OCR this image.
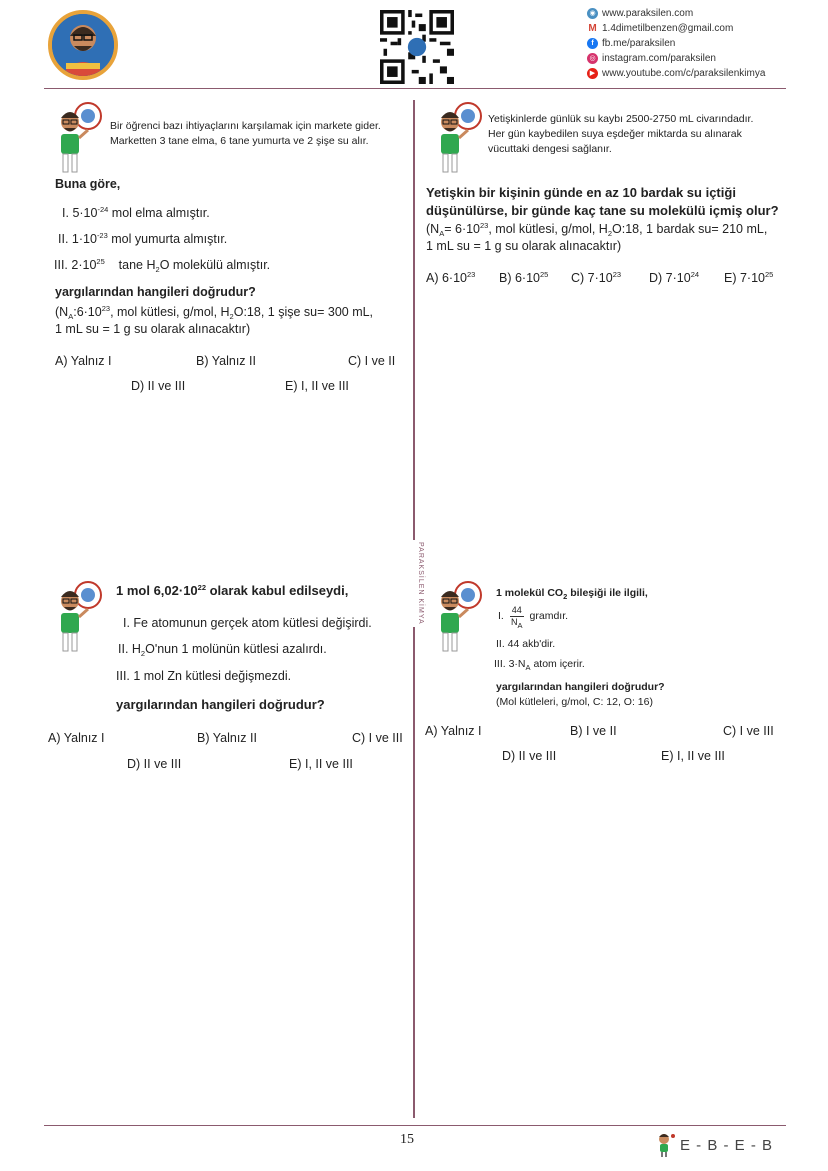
◉ www.paraksilen.com
M 1.4dimetilbenzen@gmail.com
f fb.me/paraksilen
◎ instagram.com/paraksilen
▶ www.youtube.com/c/paraksilenkimya
PARAKSİLEN KİMYA
Bir öğrenci bazı ihtiyaçlarını karşılamak için markete gider.
Marketten 3 tane elma, 6 tane yumurta ve 2 şişe su alır.
Buna göre,
I. $5\cdot 10^{-24}$ mol elma almıştır.
II. $1\cdot 10^{-23}$ mol yumurta almıştır.
III. $2\cdot 10^{25}$ tane $H_2O$ molekülü almıştır.
yargılarından hangileri doğrudur?
($N_A:6\cdot 10^{23}$, mol kütlesi, g/mol, $H_2O:18$, 1 şişe su= 300 mL,
1 mL su = 1 g su olarak alınacaktır)
A) Yalnız I	B) Yalnız II	C) I ve II
D) II ve III	E) I, II ve III
Yetişkinlerde günlük su kaybı 2500-2750 mL civarındadır.
Her gün kaybedilen suya eşdeğer miktarda su alınarak
vücuttaki dengesi sağlanır.
Yetişkin bir kişinin günde en az 10 bardak su içtiği
düşünülürse, bir günde kaç tane su molekülü içmiş olur?
($N_A= 6\cdot 10^{23}$, mol kütlesi, g/mol, $H_2O:18$, 1 bardak su= 210 mL,
1 mL su = 1 g su olarak alınacaktır)
A) $6\cdot 10^{23}$ B) $6\cdot 10^{25}$ C) $7\cdot 10^{23}$ D) $7\cdot 10^{24}$ E) $7\cdot 10^{25}$
1 mol $6,02\cdot 10^{22}$ olarak kabul edilseydi,
I. Fe atomunun gerçek atom kütlesi değişirdi.
II. $H_2O'nun$ 1 molünün kütlesi azalırdı.
III. 1 mol Zn kütlesi değişmezdi.
yargılarından hangileri doğrudur?
A) Yalnız I	B) Yalnız II	C) I ve III
D) II ve III	E) I, II ve III
1 molekül $CO_2$ bileşiği ile ilgili,
I.
$\frac{44}{N_A}$
gramdır.
II. 44 akb'dir.
III. $3\cdot N_A$ atom içerir.
yargılarından hangileri doğrudur?
(Mol kütleleri, g/mol, C: 12, O: 16)
A) Yalnız I	B) I ve II	C) I ve III
D) II ve III	E) I, II ve III
15	E - B - E - B
